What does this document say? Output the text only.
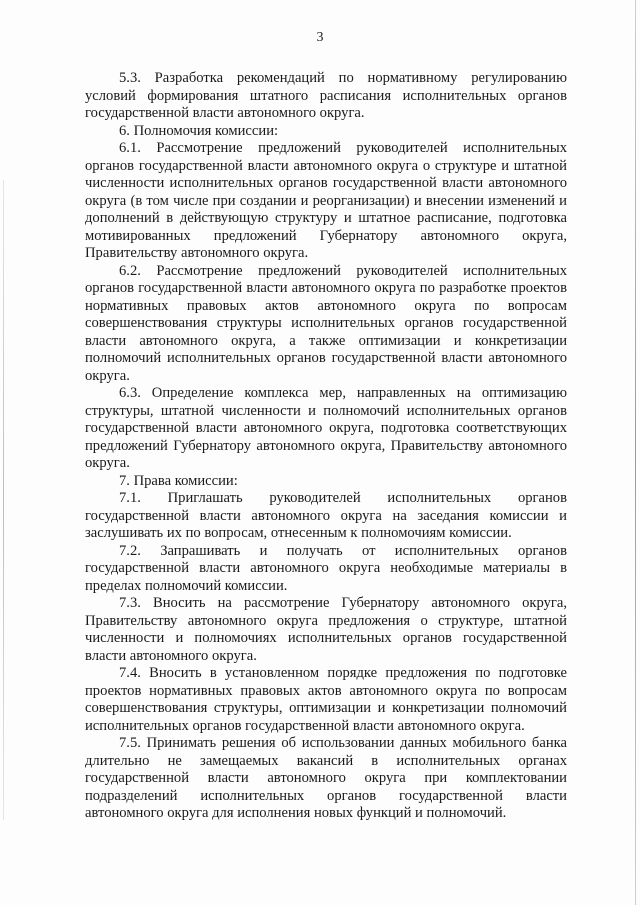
3

5.3. Разработка рекомендаций по нормативному регулированию условий формирования штатного расписания исполнительных органов государственной власти автономного округа.

6. Полномочия комиссии:

6.1. Рассмотрение предложений руководителей исполнительных органов государственной власти автономного округа о структуре и штатной численности исполнительных органов государственной власти автономного округа (в том числе при создании и реорганизации) и внесении изменений и дополнений в действующую структуру и штатное расписание, подготовка мотивированных предложений Губернатору автономного округа, Правительству автономного округа.

6.2. Рассмотрение предложений руководителей исполнительных органов государственной власти автономного округа по разработке проектов нормативных правовых актов автономного округа по вопросам совершенствования структуры исполнительных органов государственной власти автономного округа, а также оптимизации и конкретизации полномочий исполнительных органов государственной власти автономного округа.

6.3. Определение комплекса мер, направленных на оптимизацию структуры, штатной численности и полномочий исполнительных органов государственной власти автономного округа, подготовка соответствующих предложений Губернатору автономного округа, Правительству автономного округа.

7. Права комиссии:

7.1. Приглашать руководителей исполнительных органов государственной власти автономного округа на заседания комиссии и заслушивать их по вопросам, отнесенным к полномочиям комиссии.

7.2. Запрашивать и получать от исполнительных органов государственной власти автономного округа необходимые материалы в пределах полномочий комиссии.

7.3. Вносить на рассмотрение Губернатору автономного округа, Правительству автономного округа предложения о структуре, штатной численности и полномочиях исполнительных органов государственной власти автономного округа.

7.4. Вносить в установленном порядке предложения по подготовке проектов нормативных правовых актов автономного округа по вопросам совершенствования структуры, оптимизации и конкретизации полномочий исполнительных органов государственной власти автономного округа.

7.5. Принимать решения об использовании данных мобильного банка длительно не замещаемых вакансий в исполнительных органах государственной власти автономного округа при комплектовании подразделений исполнительных органов государственной власти автономного округа для исполнения новых функций и полномочий.
